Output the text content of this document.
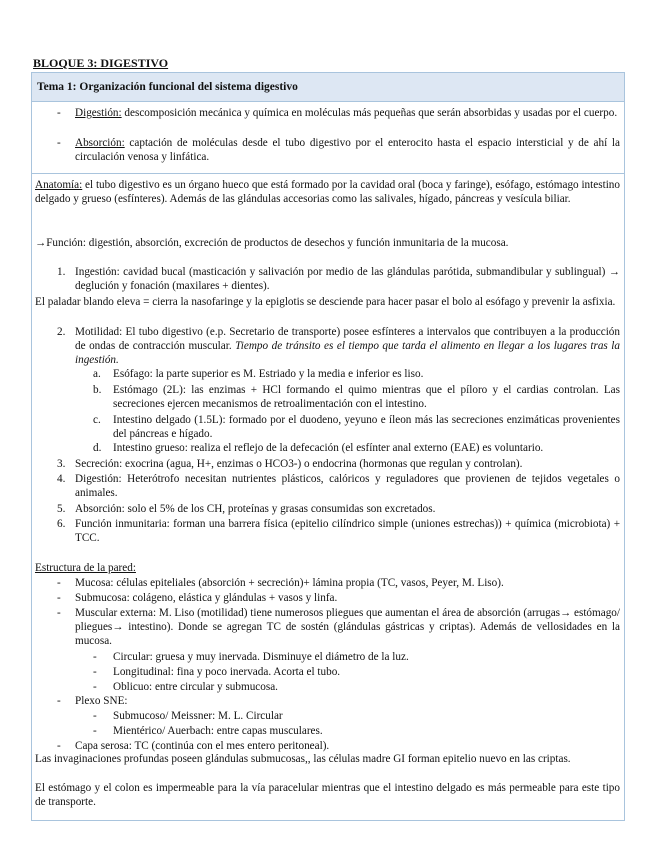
BLOQUE 3: DIGESTIVO
Tema 1: Organización funcional del sistema digestivo
- Digestión: descomposición mecánica y química en moléculas más pequeñas que serán absorbidas y usadas por el cuerpo.
- Absorción: captación de moléculas desde el tubo digestivo por el enterocito hasta el espacio intersticial y de ahí la circulación venosa y linfática.
Anatomía: el tubo digestivo es un órgano hueco que está formado por la cavidad oral (boca y faringe), esófago, estómago intestino delgado y grueso (esfínteres). Además de las glándulas accesorias como las salivales, hígado, páncreas y vesícula biliar.
→Función: digestión, absorción, excreción de productos de desechos y función inmunitaria de la mucosa.
1. Ingestión: cavidad bucal (masticación y salivación por medio de las glándulas parótida, submandibular y sublingual) → deglución y fonación (maxilares + dientes).
El paladar blando eleva = cierra la nasofaringe y la epiglotis se desciende para hacer pasar el bolo al esófago y prevenir la asfixia.
2. Motilidad: El tubo digestivo (e.p. Secretario de transporte) posee esfínteres a intervalos que contribuyen a la producción de ondas de contracción muscular. Tiempo de tránsito es el tiempo que tarda el alimento en llegar a los lugares tras la ingestión.
a. Esófago: la parte superior es M. Estriado y la media e inferior es liso.
b. Estómago (2L): las enzimas + HCl formando el quimo mientras que el píloro y el cardias controlan. Las secreciones ejercen mecanismos de retroalimentación con el intestino.
c. Intestino delgado (1.5L): formado por el duodeno, yeyuno e íleon más las secreciones enzimáticas provenientes del páncreas e hígado.
d. Intestino grueso: realiza el reflejo de la defecación (el esfínter anal externo (EAE) es voluntario.
3. Secreción: exocrina (agua, H+, enzimas o HCO3-) o endocrina (hormonas que regulan y controlan).
4. Digestión: Heterótrofo necesitan nutrientes plásticos, calóricos y reguladores que provienen de tejidos vegetales o animales.
5. Absorción: solo el 5% de los CH, proteínas y grasas consumidas son excretados.
6. Función inmunitaria: forman una barrera física (epitelio cilíndrico simple (uniones estrechas)) + química (microbiota) + TCC.
Estructura de la pared:
- Mucosa: células epiteliales (absorción + secreción)+ lámina propia (TC, vasos, Peyer, M. Liso).
- Submucosa: colágeno, elástica y glándulas + vasos y linfa.
- Muscular externa: M. Liso (motilidad) tiene numerosos pliegues que aumentan el área de absorción (arrugas→ estómago/ pliegues→ intestino). Donde se agregan TC de sostén (glándulas gástricas y criptas). Además de vellosidades en la mucosa.
- Circular: gruesa y muy inervada. Disminuye el diámetro de la luz.
- Longitudinal: fina y poco inervada. Acorta el tubo.
- Oblicuo: entre circular y submucosa.
- Plexo SNE:
- Submucoso/ Meissner: M. L. Circular
- Mientérico/ Auerbach: entre capas musculares.
- Capa serosa: TC (continúa con el mes entero peritoneal).
Las invaginaciones profundas poseen glándulas submucosas,, las células madre GI forman epitelio nuevo en las criptas.
El estómago y el colon es impermeable para la vía paracelular mientras que el intestino delgado es más permeable para este tipo de transporte.
